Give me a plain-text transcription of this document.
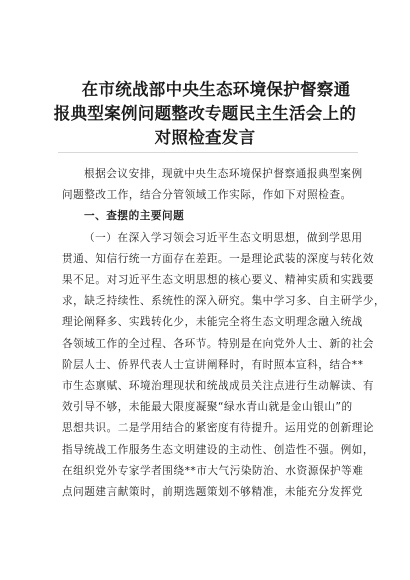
在市统战部中央生态环境保护督察通
报典型案例问题整改专题民主生活会上的
对照检查发言
根据会议安排，现就中央生态环境保护督察通报典型案例
问题整改工作，结合分管领域工作实际，作如下对照检查。
一、查摆的主要问题
（一）在深入学习领会习近平生态文明思想，做到学思用
贯通、知信行统一方面存在差距。一是理论武装的深度与转化效
果不足。对习近平生态文明思想的核心要义、精神实质和实践要
求，缺乏持续性、系统性的深入研究。集中学习多、自主研学少，
理论阐释多、实践转化少，未能完全将生态文明理念融入统战
各领域工作的全过程、各环节。特别是在向党外人士、新的社会
阶层人士、侨界代表人士宣讲阐释时，有时照本宣科，结合**
市生态禀赋、环境治理现状和统战成员关注点进行生动解读、有
效引导不够，未能最大限度凝聚“绿水青山就是金山银山”的
思想共识。二是学用结合的紧密度有待提升。运用党的创新理论
指导统战工作服务生态文明建设的主动性、创造性不强。例如，
在组织党外专家学者围绕**市大气污染防治、水资源保护等难
点问题建言献策时，前期选题策划不够精准，未能充分发挥党
